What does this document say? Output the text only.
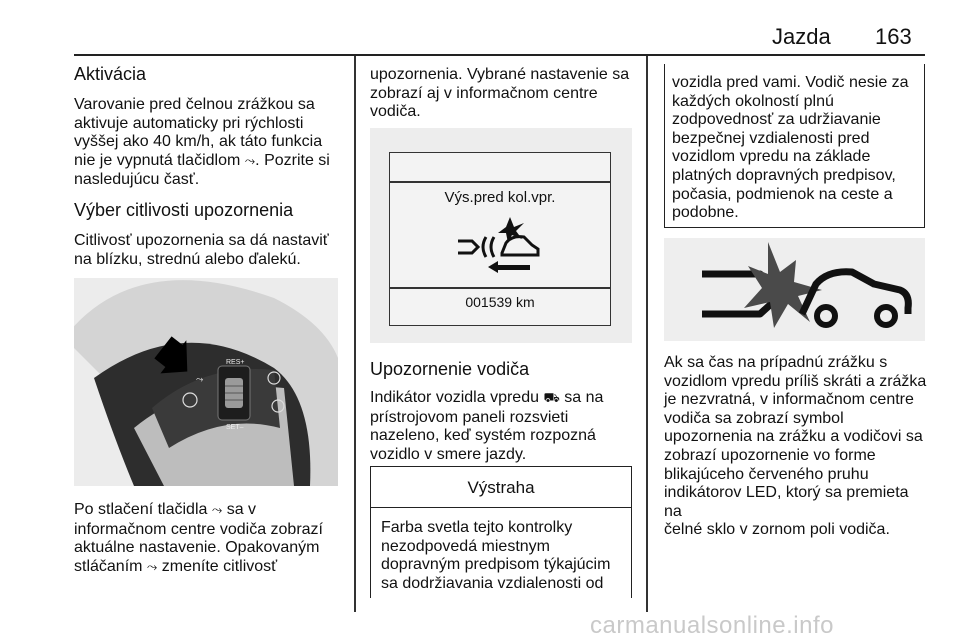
Jazda 163
Aktivácia
Varovanie pred čelnou zrážkou sa
aktivuje automaticky pri rýchlosti
vyššej ako 40 km/h, ak táto funkcia
nie je vypnutá tlačidlom ⤳. Pozrite si
nasledujúcu časť.
Výber citlivosti upozornenia
Citlivosť upozornenia sa dá nastaviť
na blízku, strednú alebo ďalekú.
RES+
SET–
⤳
Po stlačení tlačidla ⤳ sa v
informačnom centre vodiča zobrazí
aktuálne nastavenie. Opakovaným
stláčaním ⤳ zmeníte citlivosť
upozornenia. Vybrané nastavenie sa
zobrazí aj v informačnom centre
vodiča.
Výs.pred kol.vpr.
001539 km
Upozornenie vodiča
Indikátor vozidla vpredu ⛟ sa na
prístrojovom paneli rozsvieti
nazeleno, keď systém rozpozná
vozidlo v smere jazdy.
Výstraha
Farba svetla tejto kontrolky
nezodpovedá miestnym
dopravným predpisom týkajúcim
sa dodržiavania vzdialenosti od
vozidla pred vami. Vodič nesie za
každých okolností plnú
zodpovednosť za udržiavanie
bezpečnej vzdialenosti pred
vozidlom vpredu na základe
platných dopravných predpisov,
počasia, podmienok na ceste a
podobne.
Ak sa čas na prípadnú zrážku s
vozidlom vpredu príliš skráti a zrážka
je nezvratná, v informačnom centre
vodiča sa zobrazí symbol
upozornenia na zrážku a vodičovi sa
zobrazí upozornenie vo forme
blikajúceho červeného pruhu
indikátorov LED, ktorý sa premieta na
čelné sklo v zornom poli vodiča.
carmanualsonline.info
